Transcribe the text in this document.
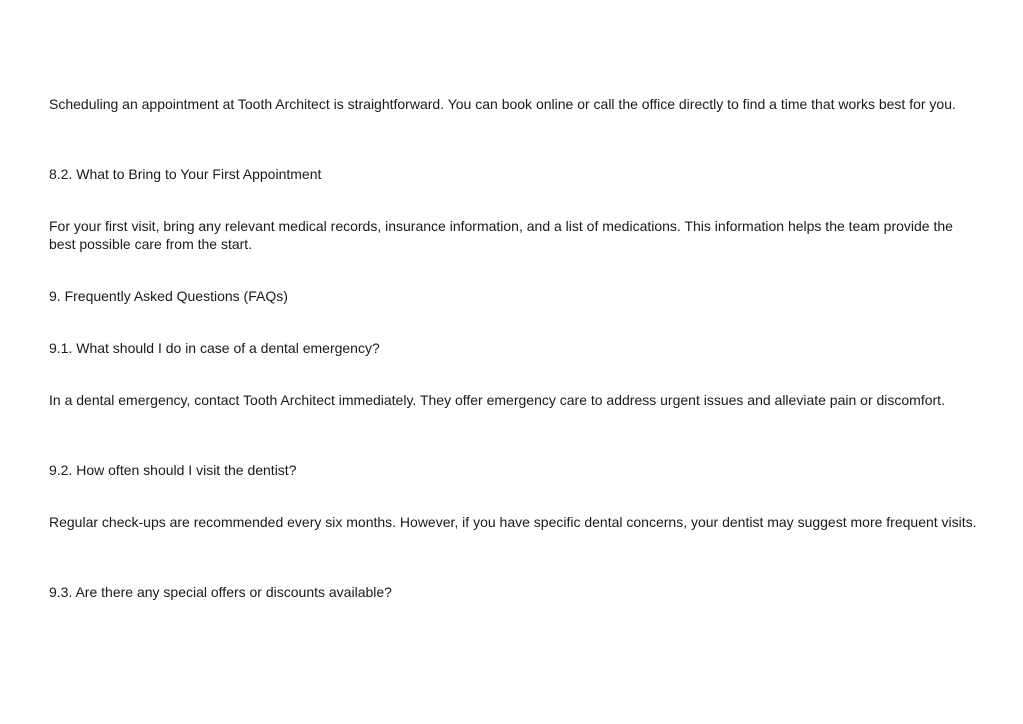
Scheduling an appointment at Tooth Architect is straightforward. You can book online or call the office directly to find a time that works best for you.

8.2. What to Bring to Your First Appointment

For your first visit, bring any relevant medical records, insurance information, and a list of medications. This information helps the team provide the best possible care from the start.

9. Frequently Asked Questions (FAQs)

9.1. What should I do in case of a dental emergency?

In a dental emergency, contact Tooth Architect immediately. They offer emergency care to address urgent issues and alleviate pain or discomfort.

9.2. How often should I visit the dentist?

Regular check-ups are recommended every six months. However, if you have specific dental concerns, your dentist may suggest more frequent visits.

9.3. Are there any special offers or discounts available?
